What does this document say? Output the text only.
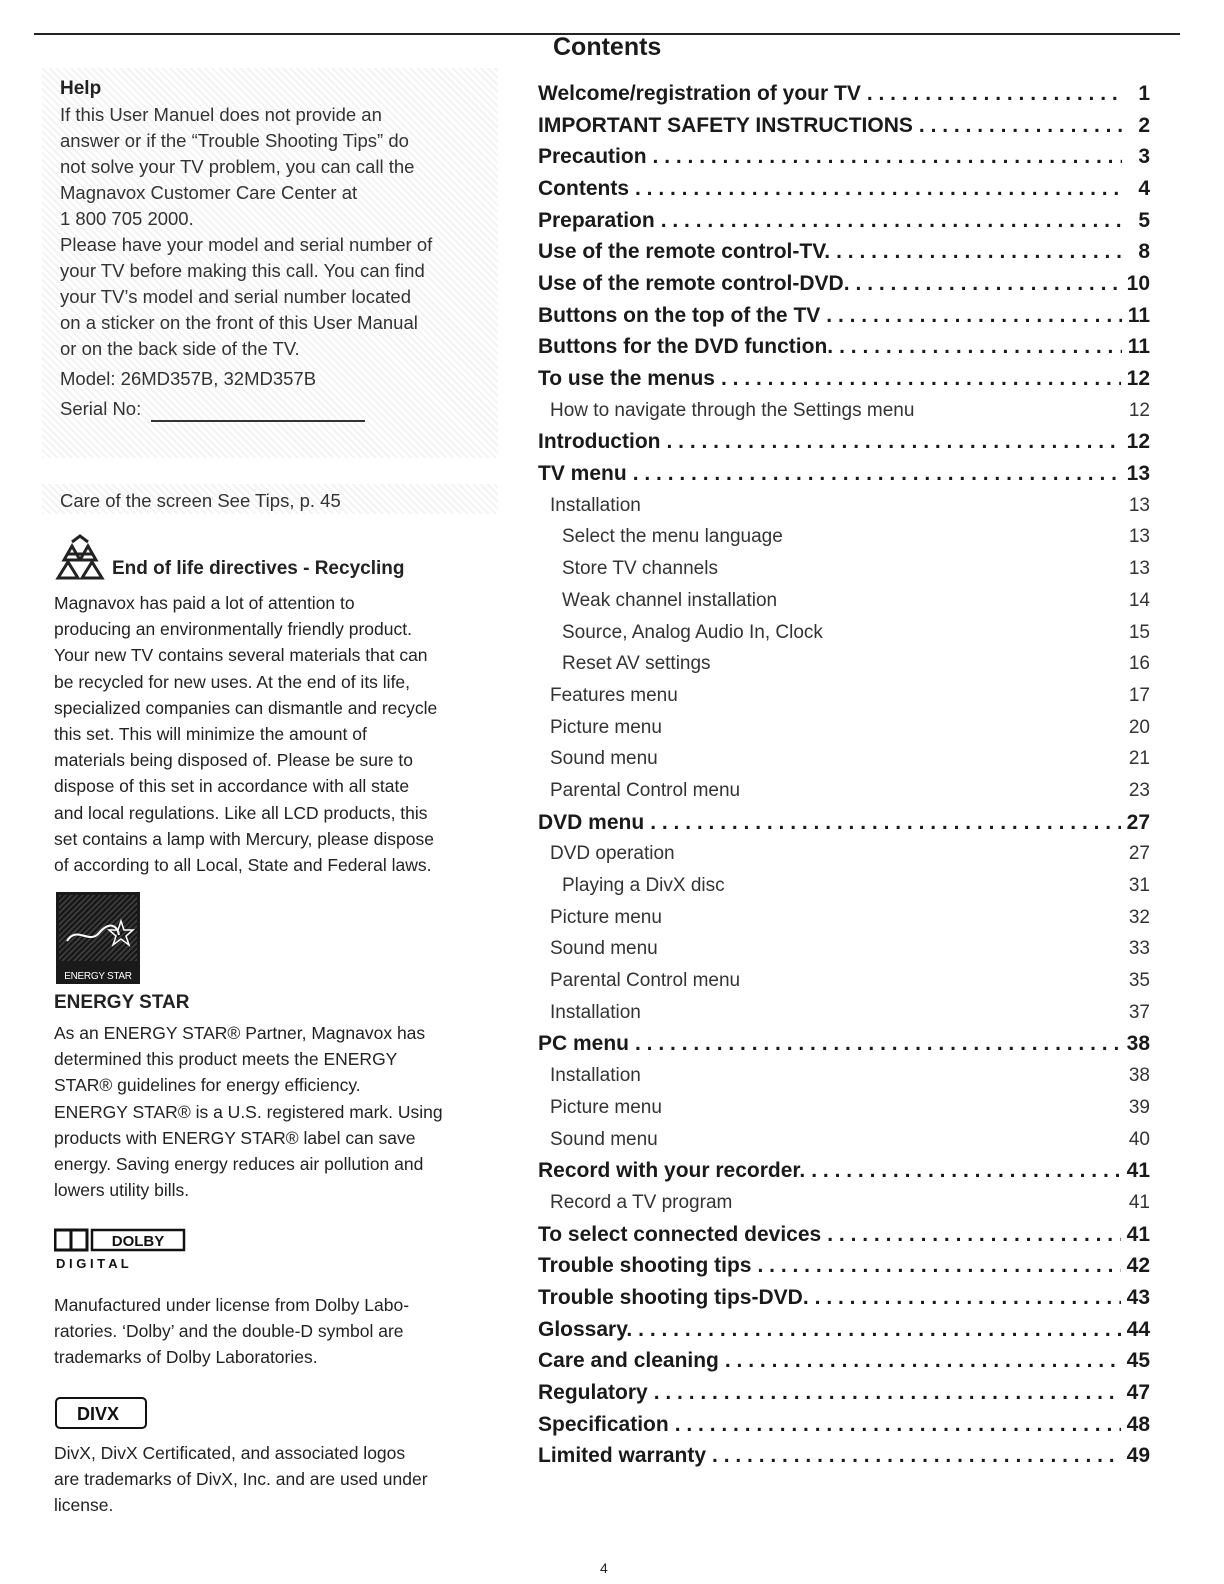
Contents
Help
If this User Manuel does not provide an
answer or if the “Trouble Shooting Tips” do
not solve your TV problem, you can call the
Magnavox Customer Care Center at
1 800 705 2000.
Please have your model and serial number of
your TV before making this call. You can find
your TV’s model and serial number located
on a sticker on the front of this User Manual
or on the back side of the TV.
Model: 26MD357B, 32MD357B
Serial No:
Care of the screen See Tips, p. 45
End of life directives - Recycling
Magnavox has paid a lot of attention to
producing an environmentally friendly product.
Your new TV contains several materials that can
be recycled for new uses. At the end of its life,
specialized companies can dismantle and recycle
this set. This will minimize the amount of
materials being disposed of. Please be sure to
dispose of this set in accordance with all state
and local regulations. Like all LCD products, this
set contains a lamp with Mercury, please dispose
of according to all Local, State and Federal laws.
ENERGY STAR
ENERGY STAR
As an ENERGY STAR® Partner, Magnavox has
determined this product meets the ENERGY
STAR® guidelines for energy efficiency.
ENERGY STAR® is a U.S. registered mark. Using
products with ENERGY STAR® label can save
energy. Saving energy reduces air pollution and
lowers utility bills.
DOLBY
D I G I T A L
Manufactured under license from Dolby Labo-
ratories. ‘Dolby’ and the double-D symbol are
trademarks of Dolby Laboratories.
DIVX
DivX, DivX Certificated, and associated logos
are trademarks of DivX, Inc. and are used under
license.
Welcome/registration of your TV . . .	1
IMPORTANT SAFETY INSTRUCTIONS . . .	2
Precaution . . .	3
Contents . . .	4
Preparation . . .	5
Use of the remote control-TV. . . .	8
Use of the remote control-DVD. . . .	10
Buttons on the top of the TV . . .	11
Buttons for the DVD function. . . .	11
To use the menus . . .	12
How to navigate through the Settings menu	12
Introduction . . .	12
TV menu . . .	13
Installation	13
Select the menu language	13
Store TV channels	13
Weak channel installation	14
Source, Analog Audio In, Clock	15
Reset AV settings	16
Features menu	17
Picture menu	20
Sound menu	21
Parental Control menu	23
DVD menu . . .	27
DVD operation	27
Playing a DivX disc	31
Picture menu	32
Sound menu	33
Parental Control menu	35
Installation	37
PC menu . . .	38
Installation	38
Picture menu	39
Sound menu	40
Record with your recorder. . . .	41
Record a TV program	41
To select connected devices . . .	41
Trouble shooting tips . . .	42
Trouble shooting tips-DVD. . . .	43
Glossary. . . .	44
Care and cleaning . . .	45
Regulatory . . .	47
Specification . . .	48
Limited warranty . . .	49
4
